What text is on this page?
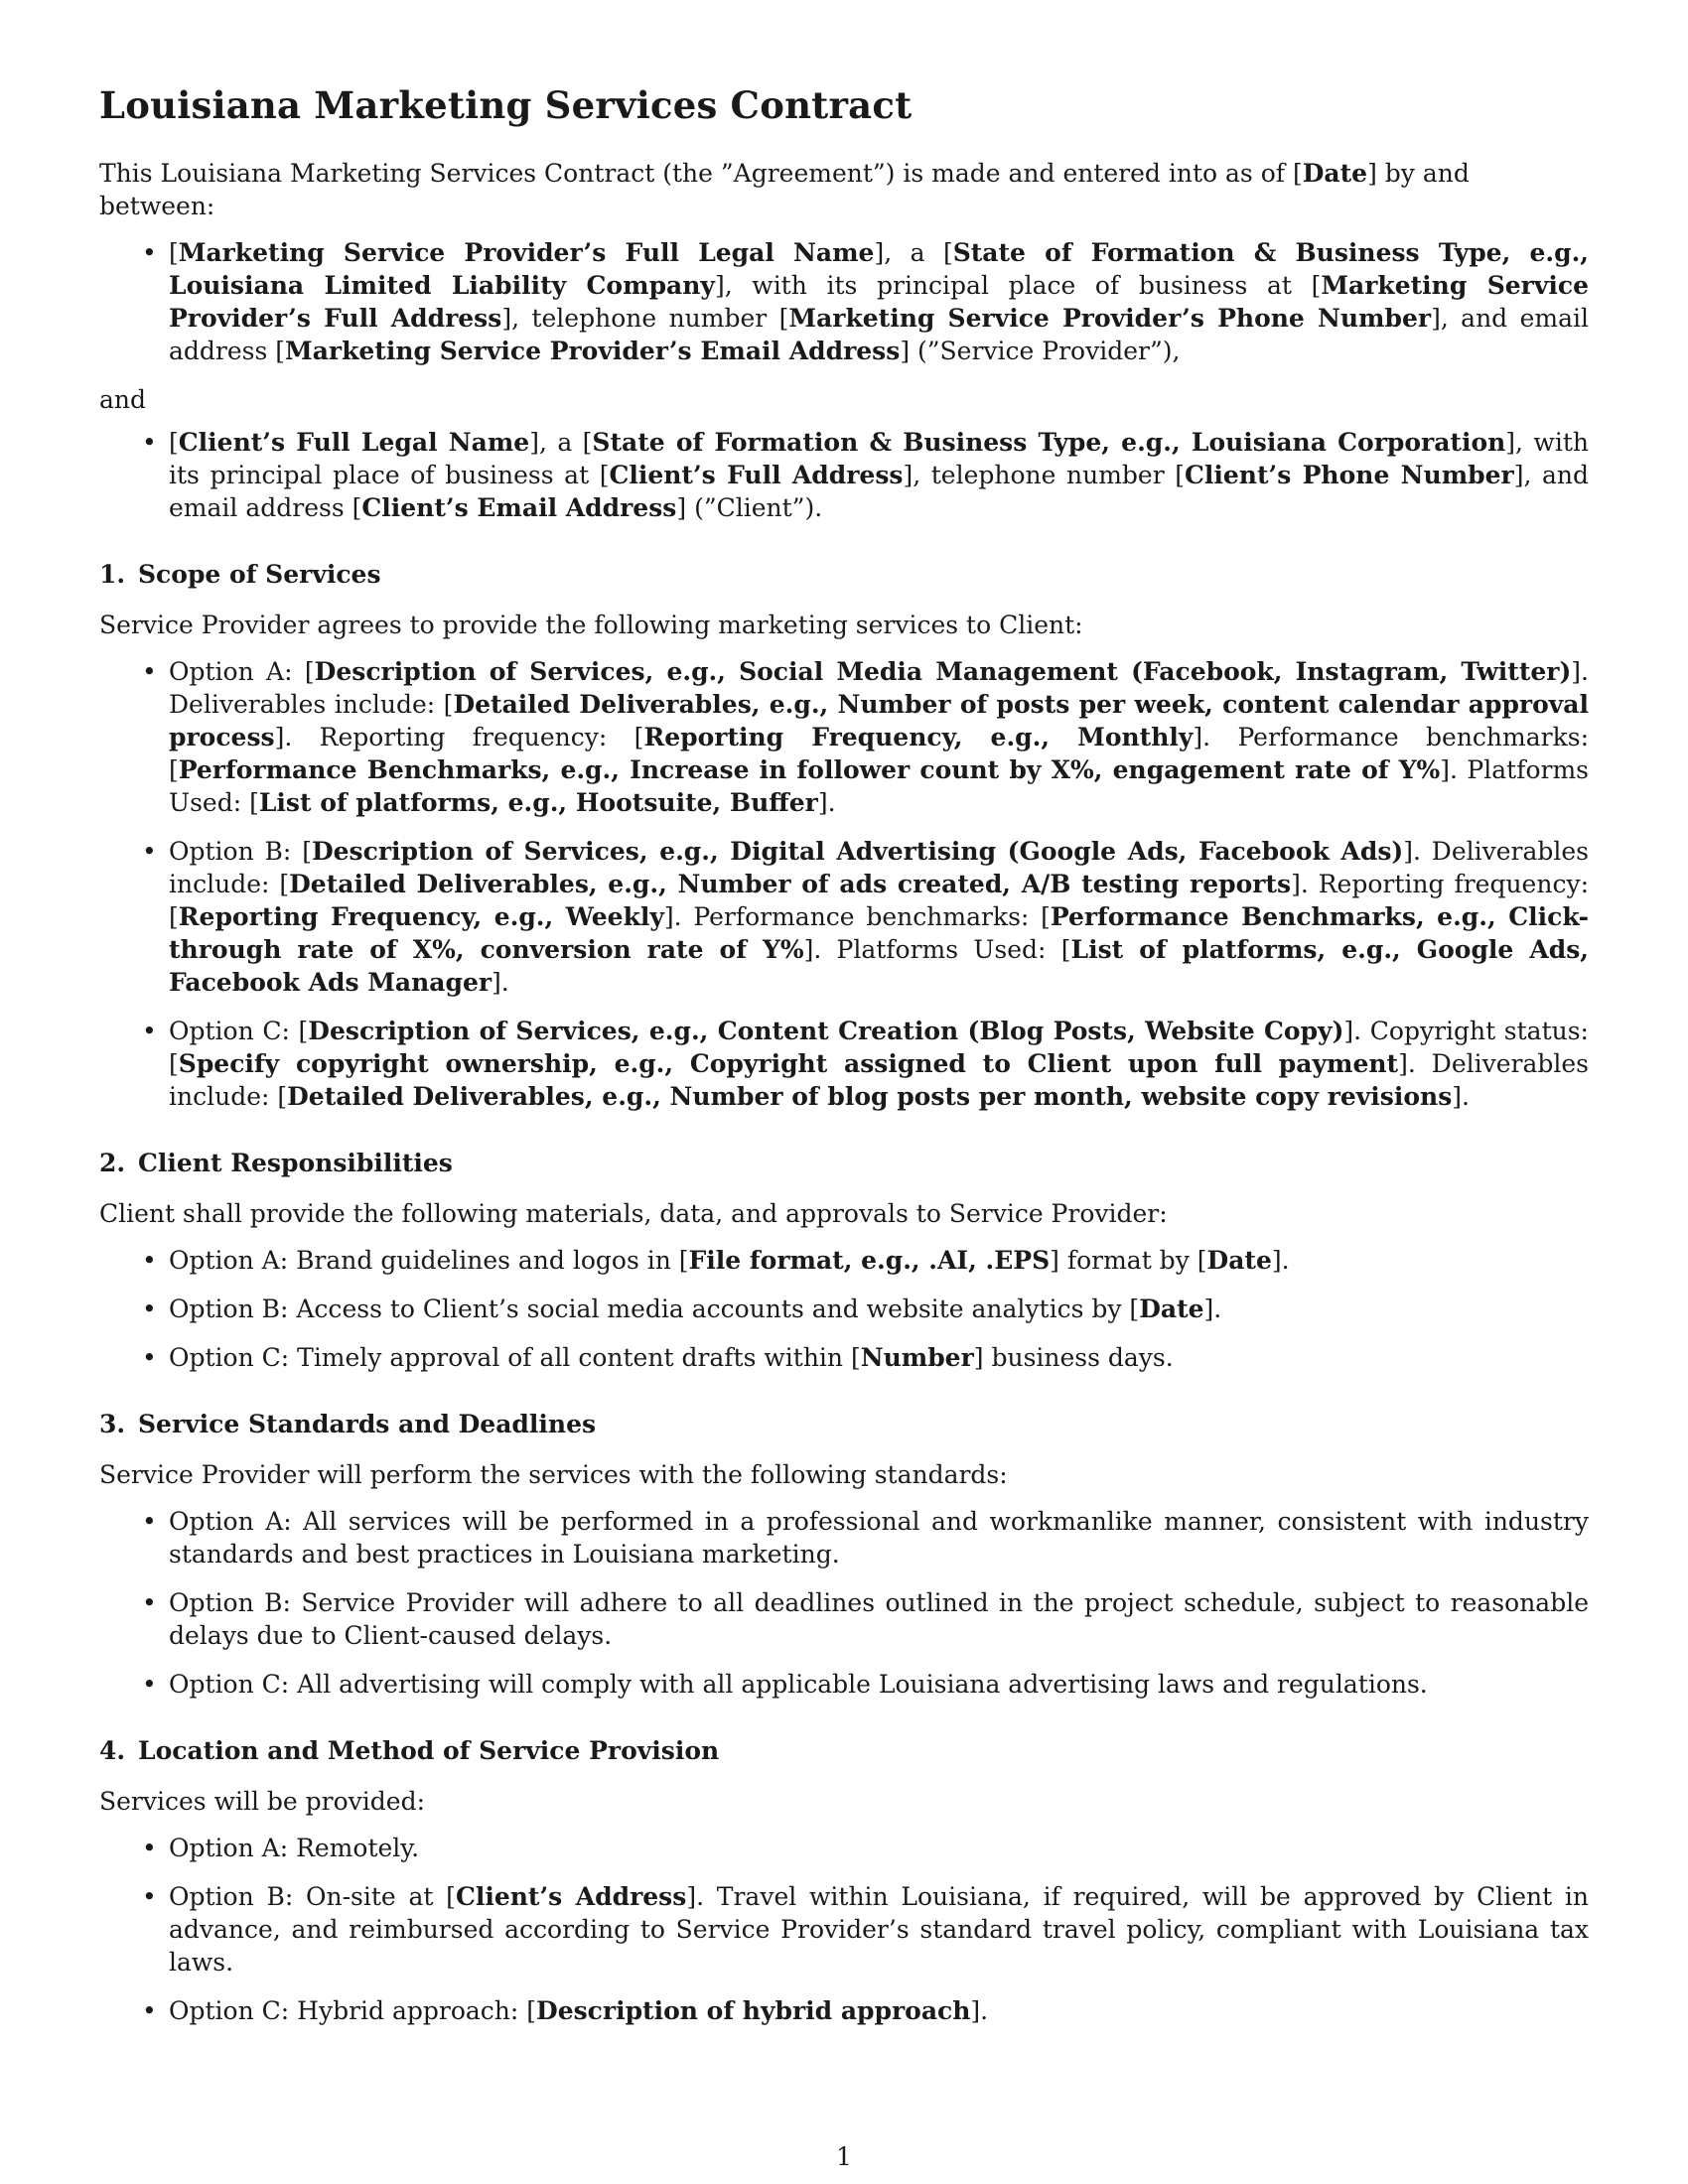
Louisiana Marketing Services Contract

This Louisiana Marketing Services Contract (the ”Agreement”) is made and entered into as of [Date] by and between:

• [Marketing Service Provider’s Full Legal Name], a [State of Formation & Business Type, e.g., Louisiana Limited Liability Company], with its principal place of business at [Marketing Service Provider’s Full Address], telephone number [Marketing Service Provider’s Phone Number], and email address [Marketing Service Provider’s Email Address] (”Service Provider”),

and

• [Client’s Full Legal Name], a [State of Formation & Business Type, e.g., Louisiana Corporation], with its principal place of business at [Client’s Full Address], telephone number [Client’s Phone Number], and email address [Client’s Email Address] (”Client”).
1. Scope of Services

Service Provider agrees to provide the following marketing services to Client:

• Option A: [Description of Services, e.g., Social Media Management (Facebook, Instagram, Twitter)]. Deliverables include: [Detailed Deliverables, e.g., Number of posts per week, content calendar approval process]. Reporting frequency: [Reporting Frequency, e.g., Monthly]. Performance benchmarks: [Performance Benchmarks, e.g., Increase in follower count by X%, engagement rate of Y%]. Platforms Used: [List of platforms, e.g., Hootsuite, Buffer].
• Option B: [Description of Services, e.g., Digital Advertising (Google Ads, Facebook Ads)]. Deliverables include: [Detailed Deliverables, e.g., Number of ads created, A/B testing reports]. Reporting frequency: [Reporting Frequency, e.g., Weekly]. Performance benchmarks: [Performance Benchmarks, e.g., Click-through rate of X%, conversion rate of Y%]. Platforms Used: [List of platforms, e.g., Google Ads, Facebook Ads Manager].
• Option C: [Description of Services, e.g., Content Creation (Blog Posts, Website Copy)]. Copyright status: [Specify copyright ownership, e.g., Copyright assigned to Client upon full payment]. Deliverables include: [Detailed Deliverables, e.g., Number of blog posts per month, website copy revisions].
2. Client Responsibilities

Client shall provide the following materials, data, and approvals to Service Provider:

• Option A: Brand guidelines and logos in [File format, e.g., .AI, .EPS] format by [Date].
• Option B: Access to Client’s social media accounts and website analytics by [Date].
• Option C: Timely approval of all content drafts within [Number] business days.
3. Service Standards and Deadlines

Service Provider will perform the services with the following standards:

• Option A: All services will be performed in a professional and workmanlike manner, consistent with industry standards and best practices in Louisiana marketing.
• Option B: Service Provider will adhere to all deadlines outlined in the project schedule, subject to reasonable delays due to Client-caused delays.
• Option C: All advertising will comply with all applicable Louisiana advertising laws and regulations.
4. Location and Method of Service Provision

Services will be provided:

• Option A: Remotely.
• Option B: On-site at [Client’s Address]. Travel within Louisiana, if required, will be approved by Client in advance, and reimbursed according to Service Provider’s standard travel policy, compliant with Louisiana tax laws.
• Option C: Hybrid approach: [Description of hybrid approach].
1
